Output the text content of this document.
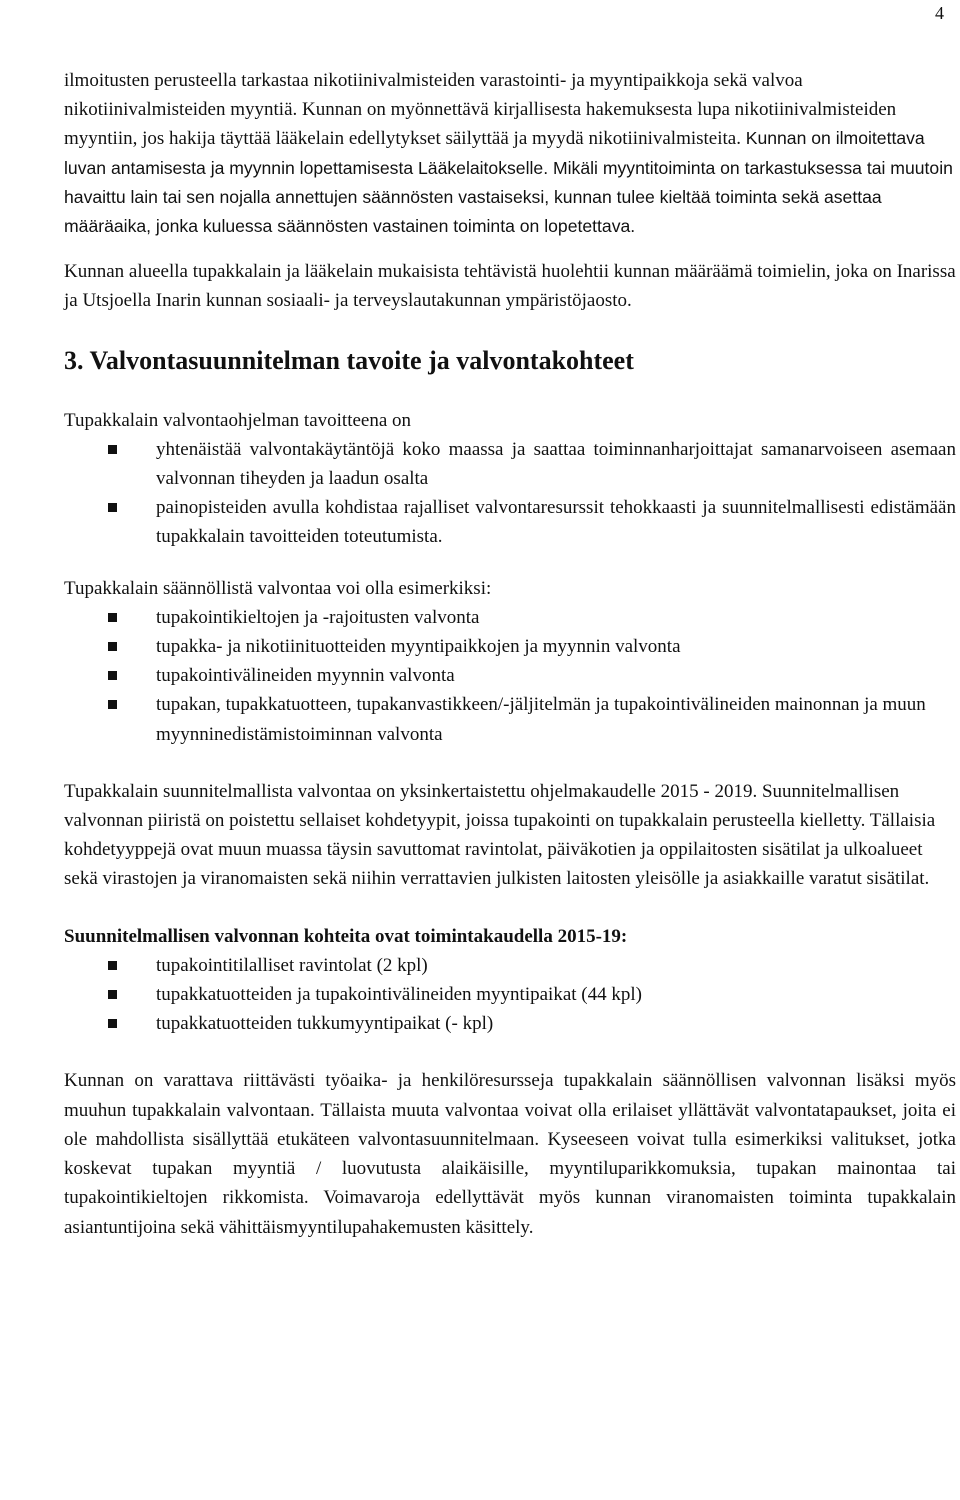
4

ilmoitusten perusteella tarkastaa nikotiinivalmisteiden varastointi- ja myyntipaikkoja sekä valvoa nikotiinivalmisteiden myyntiä. Kunnan on myönnettävä kirjallisesta hakemuksesta lupa nikotiinivalmisteiden myyntiin, jos hakija täyttää lääkelain edellytykset säilyttää ja myydä nikotiinivalmisteita. Kunnan on ilmoitettava luvan antamisesta ja myynnin lopettamisesta Lääkelaitokselle. Mikäli myyntitoiminta on tarkastuksessa tai muutoin havaittu lain tai sen nojalla annettujen säännösten vastaiseksi, kunnan tulee kieltää toiminta sekä asettaa määräaika, jonka kuluessa säännösten vastainen toiminta on lopetettava.

Kunnan alueella tupakkalain ja lääkelain mukaisista tehtävistä huolehtii kunnan määräämä toimielin, joka on Inarissa ja Utsjoella Inarin kunnan sosiaali- ja terveyslautakunnan ympäristöjaosto.

3. Valvontasuunnitelman tavoite ja valvontakohteet

Tupakkalain valvontaohjelman tavoitteena on

yhtenäistää valvontakäytäntöjä koko maassa ja saattaa toiminnanharjoittajat samanarvoiseen asemaan valvonnan tiheyden ja laadun osalta
painopisteiden avulla kohdistaa rajalliset valvontaresurssit tehokkaasti ja suunnitelmallisesti edistämään tupakkalain tavoitteiden toteutumista.

Tupakkalain säännöllistä valvontaa voi olla esimerkiksi:

tupakointikieltojen ja -rajoitusten valvonta
tupakka- ja nikotiinituotteiden myyntipaikkojen ja myynnin valvonta
tupakointivälineiden myynnin valvonta
tupakan, tupakkatuotteen, tupakanvastikkeen/-jäljitelmän ja tupakointivälineiden mainonnan ja muun myynninedistämistoiminnan valvonta

Tupakkalain suunnitelmallista valvontaa on yksinkertaistettu ohjelmakaudelle 2015 - 2019. Suunnitelmallisen valvonnan piiristä on poistettu sellaiset kohdetyypit, joissa tupakointi on tupakkalain perusteella kielletty. Tällaisia kohdetyyppejä ovat muun muassa täysin savuttomat ravintolat, päiväkotien ja oppilaitosten sisätilat ja ulkoalueet sekä virastojen ja viranomaisten sekä niihin verrattavien julkisten laitosten yleisölle ja asiakkaille varatut sisätilat.

Suunnitelmallisen valvonnan kohteita ovat toimintakaudella 2015-19:

tupakointitilalliset ravintolat (2 kpl)
tupakkatuotteiden ja tupakointivälineiden myyntipaikat (44 kpl)
tupakkatuotteiden tukkumyyntipaikat (- kpl)

Kunnan on varattava riittävästi työaika- ja henkilöresursseja tupakkalain säännöllisen valvonnan lisäksi myös muuhun tupakkalain valvontaan. Tällaista muuta valvontaa voivat olla erilaiset yllättävät valvontatapaukset, joita ei ole mahdollista sisällyttää etukäteen valvontasuunnitelmaan. Kyseeseen voivat tulla esimerkiksi valitukset, jotka koskevat tupakan myyntiä / luovutusta alaikäisille, myyntiluparikkomuksia, tupakan mainontaa tai tupakointikieltojen rikkomista. Voimavaroja edellyttävät myös kunnan viranomaisten toiminta tupakkalain asiantuntijoina sekä vähittäismyyntilupahakemusten käsittely.
